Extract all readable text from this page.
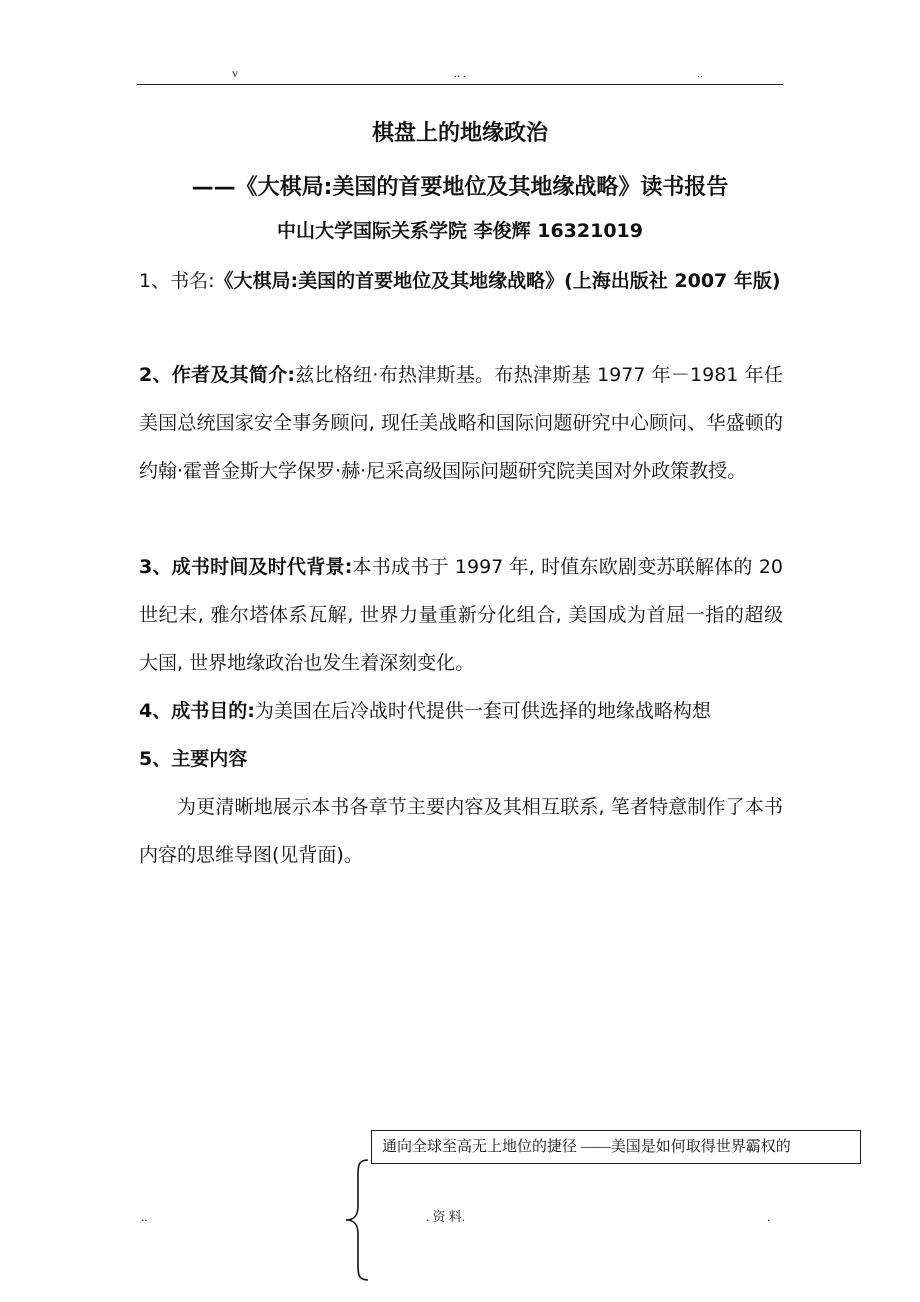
v	.. .	..
棋盘上的地缘政治
——《大棋局:美国的首要地位及其地缘战略》读书报告
中山大学国际关系学院 李俊辉 16321019

1、书名:《大棋局:美国的首要地位及其地缘战略》(上海出版社 2007 年版)

2、作者及其简介:兹比格纽·布热津斯基。布热津斯基 1977 年－1981 年任美国总统国家安全事务顾问, 现任美战略和国际问题研究中心顾问、华盛顿的约翰·霍普金斯大学保罗·赫·尼采高级国际问题研究院美国对外政策教授。

3、成书时间及时代背景:本书成书于 1997 年, 时值东欧剧变苏联解体的 20 世纪末, 雅尔塔体系瓦解, 世界力量重新分化组合, 美国成为首屈一指的超级大国, 世界地缘政治也发生着深刻变化。

4、成书目的:为美国在后冷战时代提供一套可供选择的地缘战略构想

5、主要内容

为更清晰地展示本书各章节主要内容及其相互联系, 笔者特意制作了本书内容的思维导图(见背面)。

通向全球至高无上地位的捷径 ——美国是如何取得世界霸权的
..	. 资 料.	.
